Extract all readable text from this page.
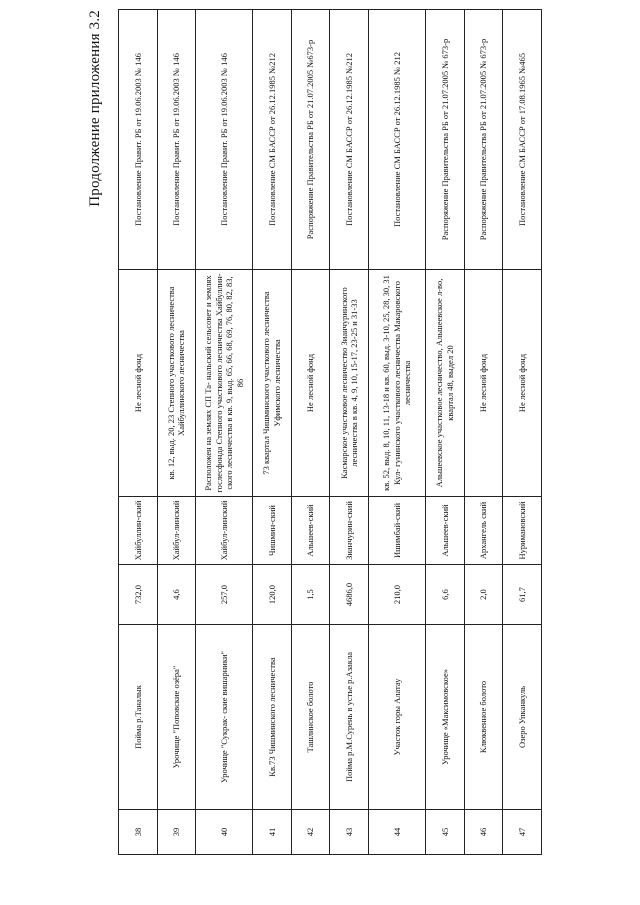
Продолжение приложения 3.2
38	Пойма р.Таналык	732,0	Хайбуллин-ский	Не лесной фонд	Постановление Правит. РБ от 19.06.2003 № 146
39	Урочище "Поповские озёра"	4,6	Хайбул-линский	кв. 12, выд. 20, 23 Степного участкового лесничества Хайбуллинского лесничества	Постановление Правит. РБ от 19.06.2003 № 146
40	Урочище "Сукрак- ские вишарники"	257,0	Хайбул-линский	Расположен на землях СП Та- нальский сельсовет и землях гослесфонда Степного участкового лесничества Хайбуллин- ского лесничества в кв. 9, выд. 65, 66, 68, 69, 76, 80, 82, 83, 86	Постановление Правит. РБ от 19.06.2003 № 146
41	Кв.73 Чишминского лесничества	120,0	Чишмин-ский	73 квартал Чишминского участкового лесничества Уфимского лесничества	Постановление СМ БАССР от 26.12.1985 №212
42	Ташлинское болото	1,5	Альшеев-ский	Не лесной фонд	Распоряжение Правительства РБ от 21.07.2005 №673-р
43	Пойма р.М.Сурень в устье р.Азакла	4686,0	Зианчурин-ский	Касмарское участковое лесничество Зианчуринского лесничества в кв. 4, 9, 10, 15-17, 23-25 и 31-33	Постановление СМ БАССР от 26.12.1985 №212
44	Участок горы Алатау	210,0	Ишимбай-ский	кв. 52, выд. 8, 10, 11, 13-18 и кв. 60, выд. 3-10, 25, 28, 30, 31 Кул- гунинского участкового лесничества Макаровского лесничества	Постановление СМ БАССР от 26.12.1985 № 212
45	Урочище «Максимовское»	6,6	Альшеев-ский	Альшеевское участковое лесничество, Альшеевское л-во, квартал 48, выдел 20	Распоряжение Правительства РБ от 21.07.2005 № 673-р
46	Клюквенное болото	2,0	Архангель ский	Не лесной фонд	Распоряжение Правительства РБ от 21.07.2005 № 673-р
47	Озеро Упканкуль	61,7	Нуримановский	Не лесной фонд	Постановление СМ БАССР от 17.08.1965 №465
